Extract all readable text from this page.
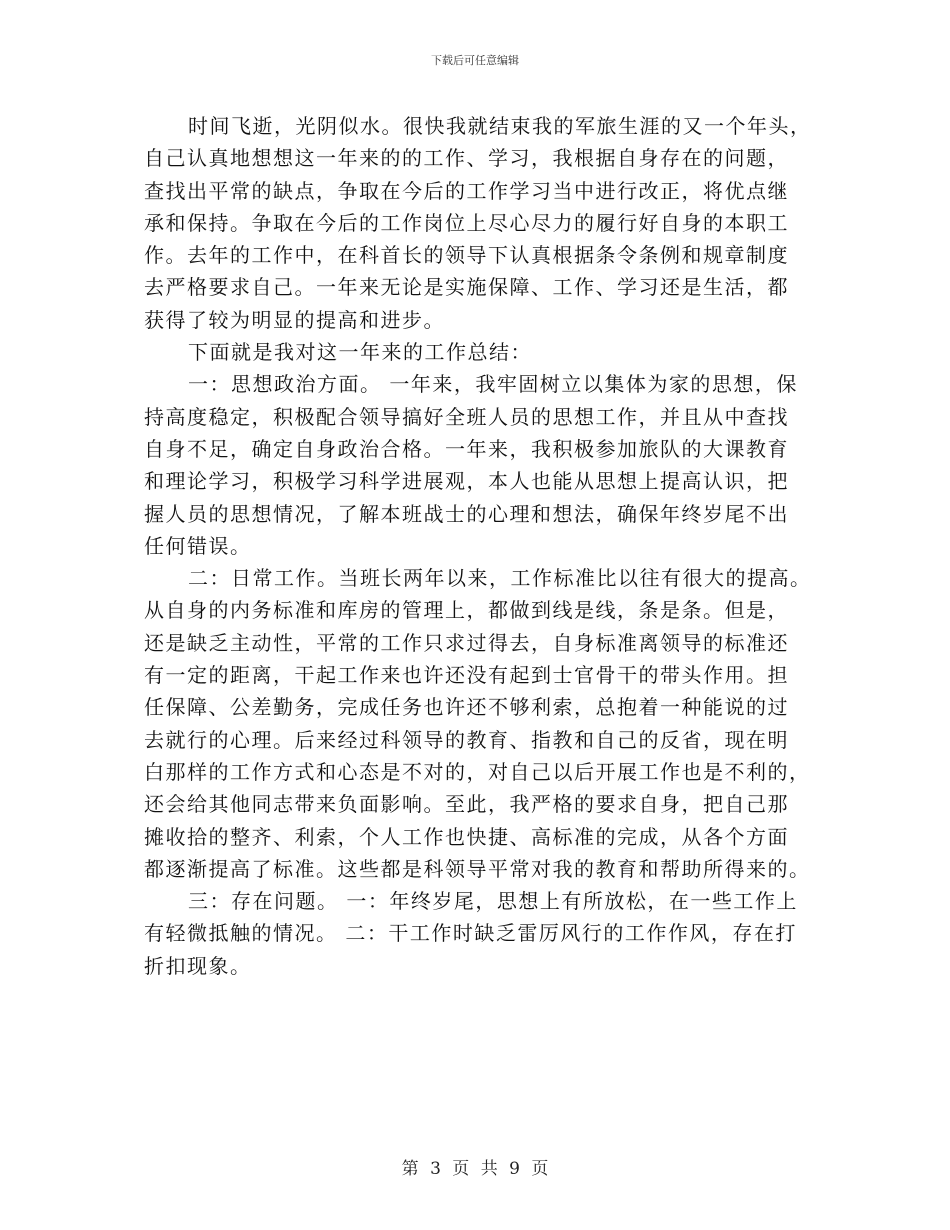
下载后可任意编辑
时间飞逝，光阴似水。很快我就结束我的军旅生涯的又一个年头，
自己认真地想想这一年来的的工作、学习，我根据自身存在的问题，
查找出平常的缺点，争取在今后的工作学习当中进行改正，将优点继
承和保持。争取在今后的工作岗位上尽心尽力的履行好自身的本职工
作。去年的工作中，在科首长的领导下认真根据条令条例和规章制度
去严格要求自己。一年来无论是实施保障、工作、学习还是生活，都
获得了较为明显的提高和进步。
下面就是我对这一年来的工作总结：
一：思想政治方面。 一年来，我牢固树立以集体为家的思想，保
持高度稳定，积极配合领导搞好全班人员的思想工作，并且从中查找
自身不足，确定自身政治合格。一年来，我积极参加旅队的大课教育
和理论学习，积极学习科学进展观，本人也能从思想上提高认识，把
握人员的思想情况，了解本班战士的心理和想法，确保年终岁尾不出
任何错误。
二：日常工作。当班长两年以来，工作标准比以往有很大的提高。
从自身的内务标准和库房的管理上，都做到线是线，条是条。但是，
还是缺乏主动性，平常的工作只求过得去，自身标准离领导的标准还
有一定的距离，干起工作来也许还没有起到士官骨干的带头作用。担
任保障、公差勤务，完成任务也许还不够利索，总抱着一种能说的过
去就行的心理。后来经过科领导的教育、指教和自己的反省，现在明
白那样的工作方式和心态是不对的，对自己以后开展工作也是不利的，
还会给其他同志带来负面影响。至此，我严格的要求自身，把自己那
摊收拾的整齐、利索，个人工作也快捷、高标准的完成，从各个方面
都逐渐提高了标准。这些都是科领导平常对我的教育和帮助所得来的。
三：存在问题。 一：年终岁尾，思想上有所放松，在一些工作上
有轻微抵触的情况。 二：干工作时缺乏雷厉风行的工作作风，存在打
折扣现象。
第 3 页 共 9 页
